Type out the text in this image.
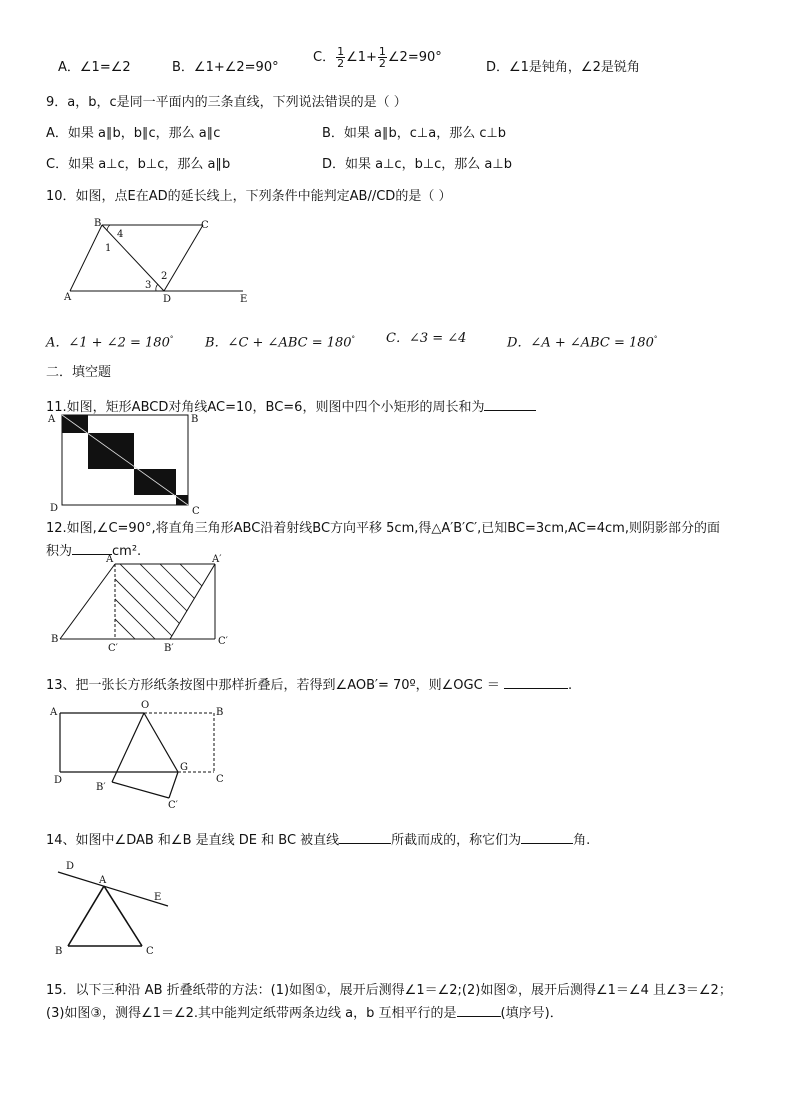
A．∠1=∠2	B．∠1+∠2=90°
C． $\frac{1}{2}$ ∠1+ $\frac{1}{2}$ ∠2=90°
D．∠1是钝角，∠2是锐角
9．a，b，c是同一平面内的三条直线，下列说法错误的是（ ）
A．如果 a∥b，b∥c，那么 a∥c	B．如果 a∥b，c⊥a，那么 c⊥b
C．如果 a⊥c，b⊥c，那么 a∥b	D．如果 a⊥c，b⊥c，那么 a⊥b
10．如图，点E在AD的延长线上，下列条件中能判定AB//CD的是（ ）
B	C
A	D	E
1
4
2
3
A．∠1 + ∠2 = 180° B．∠C + ∠ABC = 180° C．∠3 = ∠4	D．∠A + ∠ABC = 180°
二．填空题
11.如图，矩形ABCD对角线AC=10，BC=6，则图中四个小矩形的周长和为
A	B
D	C
12.如图,∠C=90°,将直角三角形ABC沿着射线BC方向平移 5cm,得△A′B′C′,已知BC=3cm,AC=4cm,则阴影部分的面
积为	cm².
A	A′
B
C′	B′
C′
13、把一张长方形纸条按图中那样折叠后，若得到∠AOB′= 70º，则∠OGC ＝	.
A
O
B
D
G
C
B′
C′
14、如图中∠DAB 和∠B 是直线 DE 和 BC 被直线	所截而成的，称它们为	角.
D
A
E
B	C
15．以下三种沿 AB 折叠纸带的方法：(1)如图①，展开后测得∠1＝∠2;(2)如图②，展开后测得∠1＝∠4 且∠3＝∠2；
(3)如图③，测得∠1＝∠2.其中能判定纸带两条边线 a，b 互相平行的是	(填序号)．
